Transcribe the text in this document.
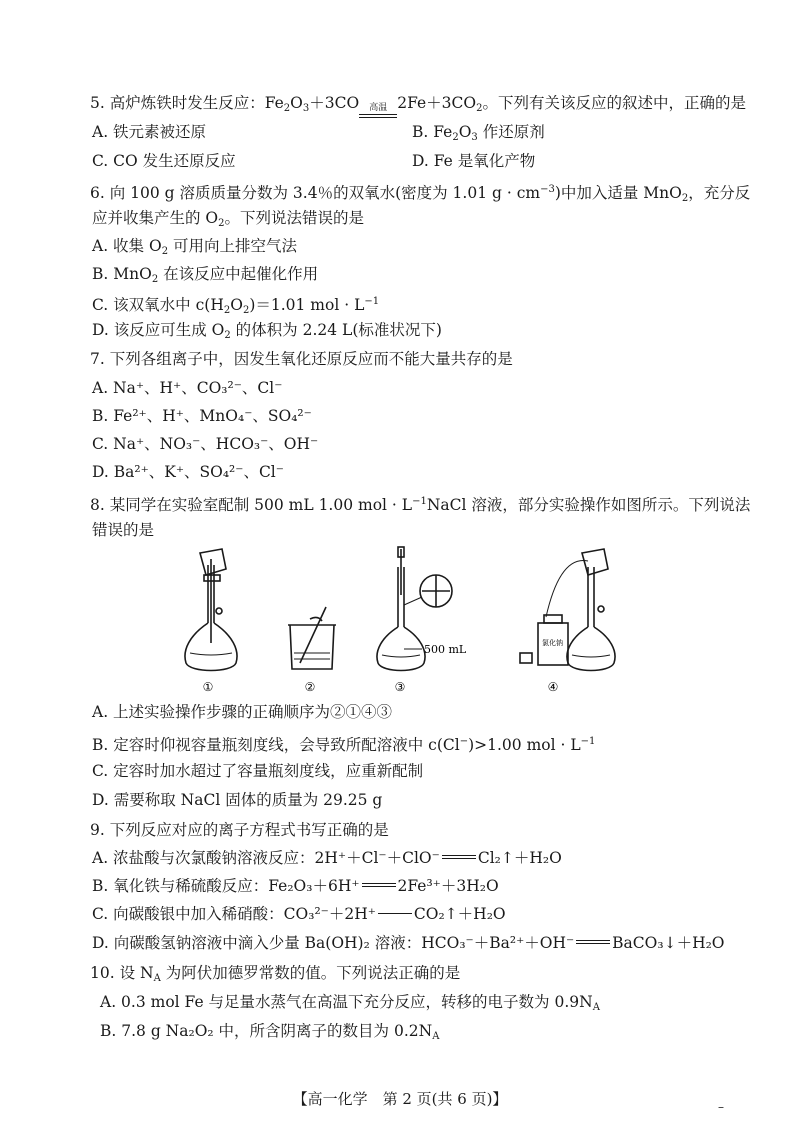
5. 高炉炼铁时发生反应：$Fe_2O_3+3CO$	高温 $2Fe+3CO_2$。下列有关该反应的叙述中，正确的是
A. 铁元素被还原	B. $Fe_2O_3$ 作还原剂
C. CO 发生还原反应	D. Fe 是氧化产物
6. 向 100 g 溶质质量分数为 3.4％的双氧水(密度为 1.01 $g \cdot cm^{-3}$)中加入适量 MnO$_2$，充分反
应并收集产生的 $O_2$。下列说法错误的是
A. 收集 $O_2$ 可用向上排空气法
B. MnO$_2$ 在该反应中起催化作用
C. 该双氧水中 $c(H_2O_2)=1.01$ mol · $L^{-1}$
D. 该反应可生成 $O_2$ 的体积为 2.24 L(标准状况下)
7. 下列各组离子中，因发生氧化还原反应而不能大量共存的是
A. Na⁺、H⁺、CO₃²⁻、Cl⁻
B. Fe²⁺、H⁺、MnO₄⁻、SO₄²⁻
C. Na⁺、NO₃⁻、HCO₃⁻、OH⁻
D. Ba²⁺、K⁺、SO₄²⁻、Cl⁻
8. 某同学在实验室配制 500 mL 1.00 mol · $L^{-1}NaCl$ 溶液，部分实验操作如图所示。下列说法
错误的是
①	②	③	④
500 mL	氯化钠
A. 上述实验操作步骤的正确顺序为②①④③
B. 定容时仰视容量瓶刻度线，会导致所配溶液中 c(Cl−)>1.00 mol · $L^{-1}$
C. 定容时加水超过了容量瓶刻度线，应重新配制
D. 需要称取 NaCl 固体的质量为 29.25 g
9. 下列反应对应的离子方程式书写正确的是
A. 浓盐酸与次氯酸钠溶液反应：2H⁺＋Cl⁻＋ClO⁻ Cl₂↑＋H₂O
B. 氧化铁与稀硫酸反应：Fe₂O₃＋6H⁺ 2Fe³⁺＋3H₂O
C. 向碳酸银中加入稀硝酸：CO₃²⁻＋2H⁺ CO₂↑＋H₂O
D. 向碳酸氢钠溶液中滴入少量 Ba(OH)₂ 溶液：HCO₃⁻＋Ba²⁺＋OH⁻ BaCO₃↓＋H₂O
10. 设 $N_A$ 为阿伏加德罗常数的值。下列说法正确的是
A. 0.3 mol Fe 与足量水蒸气在高温下充分反应，转移的电子数为 $0.9N_A$
B. 7.8 g Na₂O₂ 中，所含阴离子的数目为 $0.2N_A$
【高一化学　第 2 页(共 6 页)】	–
